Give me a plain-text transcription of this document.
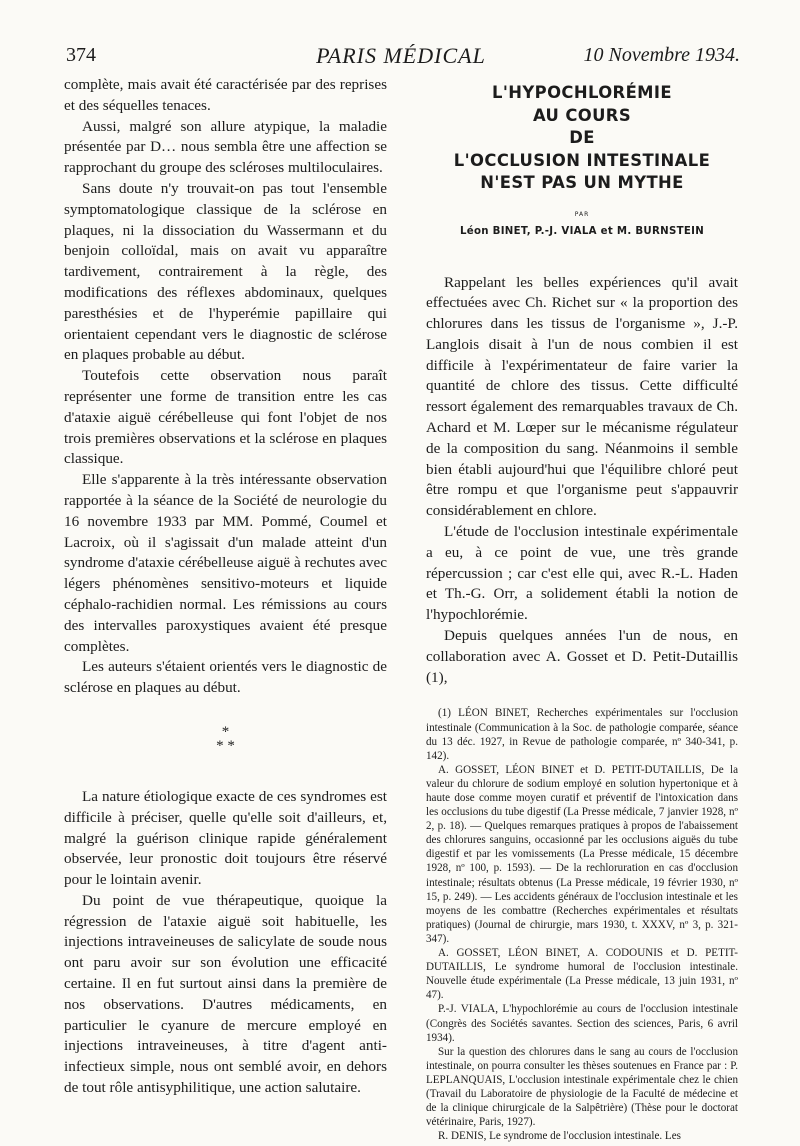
374	PARIS MÉDICAL	10 Novembre 1934.

complète, mais avait été caractérisée par des reprises et des séquelles tenaces.

Aussi, malgré son allure atypique, la maladie présentée par D… nous sembla être une affection se rapprochant du groupe des scléroses multiloculaires.

Sans doute n'y trouvait-on pas tout l'ensemble symptomatologique classique de la sclérose en plaques, ni la dissociation du Wassermann et du benjoin colloïdal, mais on avait vu apparaître tardivement, contrairement à la règle, des modifications des réflexes abdominaux, quelques paresthésies et de l'hyperémie papillaire qui orientaient cependant vers le diagnostic de sclérose en plaques probable au début.

Toutefois cette observation nous paraît représenter une forme de transition entre les cas d'ataxie aiguë cérébelleuse qui font l'objet de nos trois premières observations et la sclérose en plaques classique.

Elle s'apparente à la très intéressante observation rapportée à la séance de la Société de neurologie du 16 novembre 1933 par MM. Pommé, Coumel et Lacroix, où il s'agissait d'un malade atteint d'un syndrome d'ataxie cérébelleuse aiguë à rechutes avec légers phénomènes sensitivo-moteurs et liquide céphalo-rachidien normal. Les rémissions au cours des intervalles paroxystiques avaient été presque complètes.

Les auteurs s'étaient orientés vers le diagnostic de sclérose en plaques au début.

*
* *

La nature étiologique exacte de ces syndromes est difficile à préciser, quelle qu'elle soit d'ailleurs, et, malgré la guérison clinique rapide généralement observée, leur pronostic doit toujours être réservé pour le lointain avenir.

Du point de vue thérapeutique, quoique la régression de l'ataxie aiguë soit habituelle, les injections intraveineuses de salicylate de soude nous ont paru avoir sur son évolution une efficacité certaine. Il en fut surtout ainsi dans la première de nos observations. D'autres médicaments, en particulier le cyanure de mercure employé en injections intraveineuses, à titre d'agent anti-infectieux simple, nous ont semblé avoir, en dehors de tout rôle antisyphilitique, une action salutaire.

L'HYPOCHLORÉMIE

AU COURS

DE

L'OCCLUSION INTESTINALE

N'EST PAS UN MYTHE

PAR
Léon BINET, P.-J. VIALA et M. BURNSTEIN

Rappelant les belles expériences qu'il avait effectuées avec Ch. Richet sur « la proportion des chlorures dans les tissus de l'organisme », J.-P. Langlois disait à l'un de nous combien il est difficile à l'expérimentateur de faire varier la quantité de chlore des tissus. Cette difficulté ressort également des remarquables travaux de Ch. Achard et M. Lœper sur le mécanisme régulateur de la composition du sang. Néanmoins il semble bien établi aujourd'hui que l'équilibre chloré peut être rompu et que l'organisme peut s'appauvrir considérablement en chlore.

L'étude de l'occlusion intestinale expérimentale a eu, à ce point de vue, une très grande répercussion ; car c'est elle qui, avec R.-L. Haden et Th.-G. Orr, a solidement établi la notion de l'hypochlorémie.

Depuis quelques années l'un de nous, en collaboration avec A. Gosset et D. Petit-Dutaillis (1),

(1) LÉON BINET, Recherches expérimentales sur l'occlusion intestinale (Communication à la Soc. de pathologie comparée, séance du 13 déc. 1927, in Revue de pathologie comparée, nº 340-341, p. 142).

A. GOSSET, LÉON BINET et D. PETIT-DUTAILLIS, De la valeur du chlorure de sodium employé en solution hypertonique et à haute dose comme moyen curatif et préventif de l'intoxication dans les occlusions du tube digestif (La Presse médicale, 7 janvier 1928, nº 2, p. 18). — Quelques remarques pratiques à propos de l'abaissement des chlorures sanguins, occasionné par les occlusions aiguës du tube digestif et par les vomissements (La Presse médicale, 15 décembre 1928, nº 100, p. 1593). — De la rechloruration en cas d'occlusion intestinale; résultats obtenus (La Presse médicale, 19 février 1930, nº 15, p. 249). — Les accidents généraux de l'occlusion intestinale et les moyens de les combattre (Recherches expérimentales et résultats pratiques) (Journal de chirurgie, mars 1930, t. XXXV, nº 3, p. 321-347).

A. GOSSET, LÉON BINET, A. CODOUNIS et D. PETIT-DUTAILLIS, Le syndrome humoral de l'occlusion intestinale. Nouvelle étude expérimentale (La Presse médicale, 13 juin 1931, nº 47).

P.-J. VIALA, L'hypochlorémie au cours de l'occlusion intestinale (Congrès des Sociétés savantes. Section des sciences, Paris, 6 avril 1934).

Sur la question des chlorures dans le sang au cours de l'occlusion intestinale, on pourra consulter les thèses soutenues en France par : P. LEPLANQUAIS, L'occlusion intestinale expérimentale chez le chien (Travail du Laboratoire de physiologie de la Faculté de médecine et de la clinique chirurgicale de la Salpêtrière) (Thèse pour le doctorat vétérinaire, Paris, 1927).

R. DENIS, Le syndrome de l'occlusion intestinale. Les
